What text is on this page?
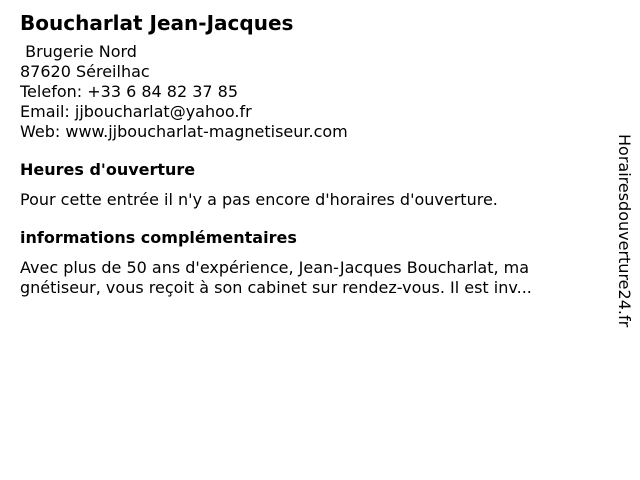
Boucharlat Jean-Jacques
Brugerie Nord
87620 Séreilhac
Telefon: +33 6 84 82 37 85
Email: jjboucharlat@yahoo.fr
Web: www.jjboucharlat-magnetiseur.com
Heures d'ouverture
Pour cette entrée il n'y a pas encore d'horaires d'ouverture.
informations complémentaires
Avec plus de 50 ans d'expérience, Jean-Jacques Boucharlat, ma
gnétiseur, vous reçoit à son cabinet sur rendez-vous. Il est inv...	Horairesdouverture24.fr
